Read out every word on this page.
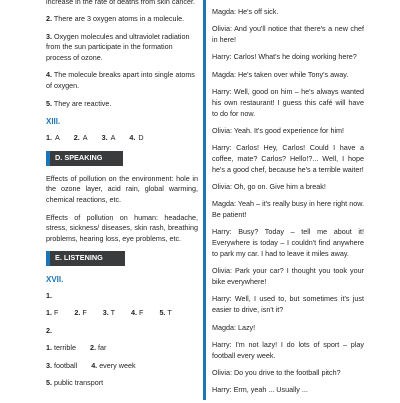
increase in the rate of deaths from skin cancer.

2. There are 3 oxygen atoms in a molecule.

3. Oxygen molecules and ultraviolet radiation from the sun participate in the formation process of ozone.

4. The molecule breaks apart into single atoms of oxygen.

5. They are reactive.

XIII.
1. A 2. A 3. A 4. D
D. SPEAKING

Effects of pollution on the environment: hole in the ozone layer, acid rain, global warming, chemical reactions, etc.

Effects of pollution on human: headache, stress, sickness/ diseases, skin rash, breathing problems, hearing loss, eye problems, etc.

E. LISTENING
XVII.
1.
1. F 2. F 3. T 4. F 5. T
2.
1. terrible 2. far
3. football 4. every week
5. public transport

Magda: He's off sick.

Olivia: And you'll notice that there's a new chef in here!

Harry: Carlos! What's he doing working here?

Magda: He's taken over while Tony's away.

Harry: Well, good on him – he's always wanted his own restaurant! I guess this café will have to do for now.

Olivia: Yeah. It's good experience for him!

Harry: Carlos! Hey, Carlos! Could I have a coffee, mate? Carlos? Hello!?... Well, I hope he's a good chef, because he's a terrible waiter!

Olivia: Oh, go on. Give him a break!

Magda: Yeah – it's really busy in here right now. Be patient!

Harry: Busy? Today – tell me about it! Everywhere is today – I couldn't find anywhere to park my car. I had to leave it miles away.

Olivia: Park your car? I thought you took your bike everywhere!

Harry: Well, I used to, but sometimes it's just easier to drive, isn't it?

Magda: Lazy!

Harry: I'm not lazy! I do lots of sport – play football every week.

Olivia: Do you drive to the football pitch?

Harry: Erm, yeah ... Usually ...
